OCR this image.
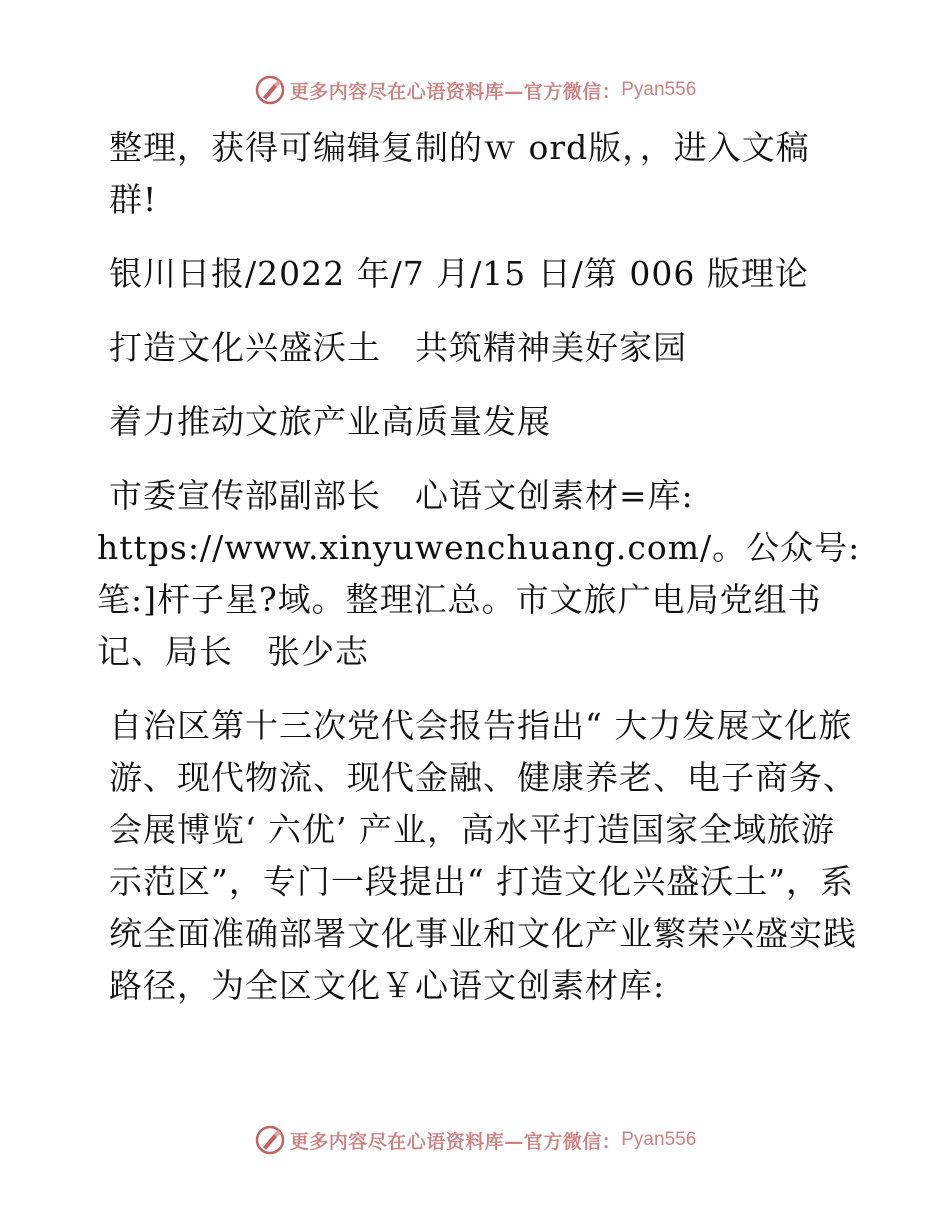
更多内容尽在心语资料库—官方微信： Pyan556

整理，获得可编辑复制的ｗ ord版，，进入文稿群!

银川日报/2022 年/7 月/15 日/第 006 版理论

打造文化兴盛沃土　共筑精神美好家园

着力推动文旅产业高质量发展

市委宣传部副部长　心语文创素材=库:
https://www.xinyuwenchuang.com/。公众号:
笔:]杆子星?域。整理汇总。市文旅广电局党组书记、局长　张少志

自治区第十三次党代会报告指出“ 大力发展文化旅游、现代物流、现代金融、健康养老、电子商务、会展博览‘ 六优’ 产业，高水平打造国家全域旅游示范区”，专门一段提出“ 打造文化兴盛沃土”，系统全面准确部署文化事业和文化产业繁荣兴盛实践路径，为全区文化￥心语文创素材库:

更多内容尽在心语资料库—官方微信： Pyan556
